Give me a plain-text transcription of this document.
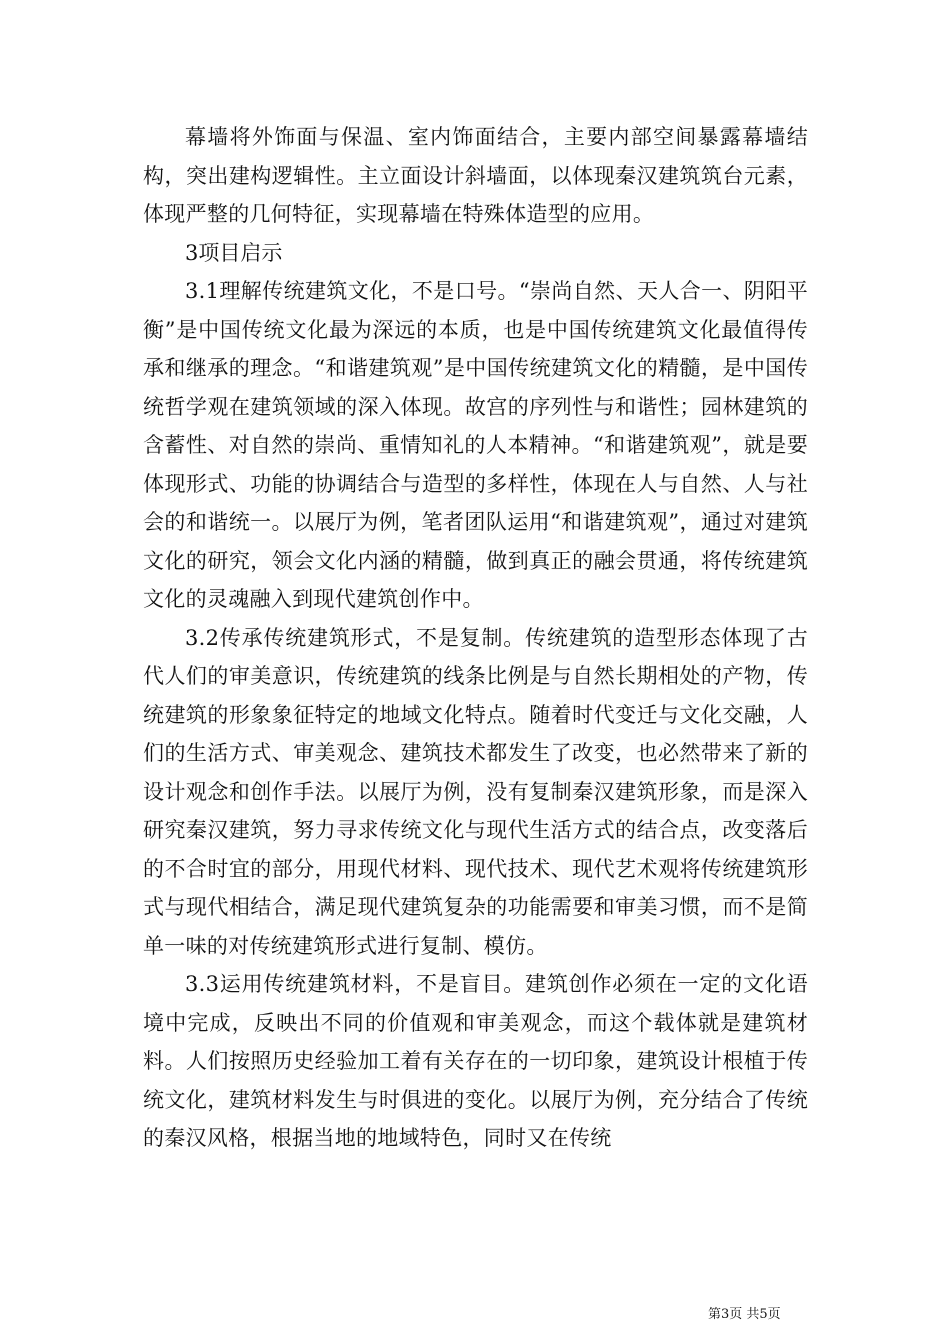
幕墙将外饰面与保温、室内饰面结合，主要内部空间暴露幕墙结构，突出建构逻辑性。主立面设计斜墙面，以体现秦汉建筑筑台元素，体现严整的几何特征，实现幕墙在特殊体造型的应用。

3项目启示

3.1理解传统建筑文化，不是口号。“崇尚自然、天人合一、阴阳平衡”是中国传统文化最为深远的本质，也是中国传统建筑文化最值得传承和继承的理念。“和谐建筑观”是中国传统建筑文化的精髓，是中国传统哲学观在建筑领域的深入体现。故宫的序列性与和谐性；园林建筑的含蓄性、对自然的崇尚、重情知礼的人本精神。“和谐建筑观”，就是要体现形式、功能的协调结合与造型的多样性，体现在人与自然、人与社会的和谐统一。以展厅为例，笔者团队运用“和谐建筑观”，通过对建筑文化的研究，领会文化内涵的精髓，做到真正的融会贯通，将传统建筑文化的灵魂融入到现代建筑创作中。

3.2传承传统建筑形式，不是复制。传统建筑的造型形态体现了古代人们的审美意识，传统建筑的线条比例是与自然长期相处的产物，传统建筑的形象象征特定的地域文化特点。随着时代变迁与文化交融，人们的生活方式、审美观念、建筑技术都发生了改变，也必然带来了新的设计观念和创作手法。以展厅为例，没有复制秦汉建筑形象，而是深入研究秦汉建筑，努力寻求传统文化与现代生活方式的结合点，改变落后的不合时宜的部分，用现代材料、现代技术、现代艺术观将传统建筑形式与现代相结合，满足现代建筑复杂的功能需要和审美习惯，而不是简单一味的对传统建筑形式进行复制、模仿。

3.3运用传统建筑材料，不是盲目。建筑创作必须在一定的文化语境中完成，反映出不同的价值观和审美观念，而这个载体就是建筑材料。人们按照历史经验加工着有关存在的一切印象，建筑设计根植于传统文化，建筑材料发生与时俱进的变化。以展厅为例，充分结合了传统的秦汉风格，根据当地的地域特色，同时又在传统

第3页 共5页
